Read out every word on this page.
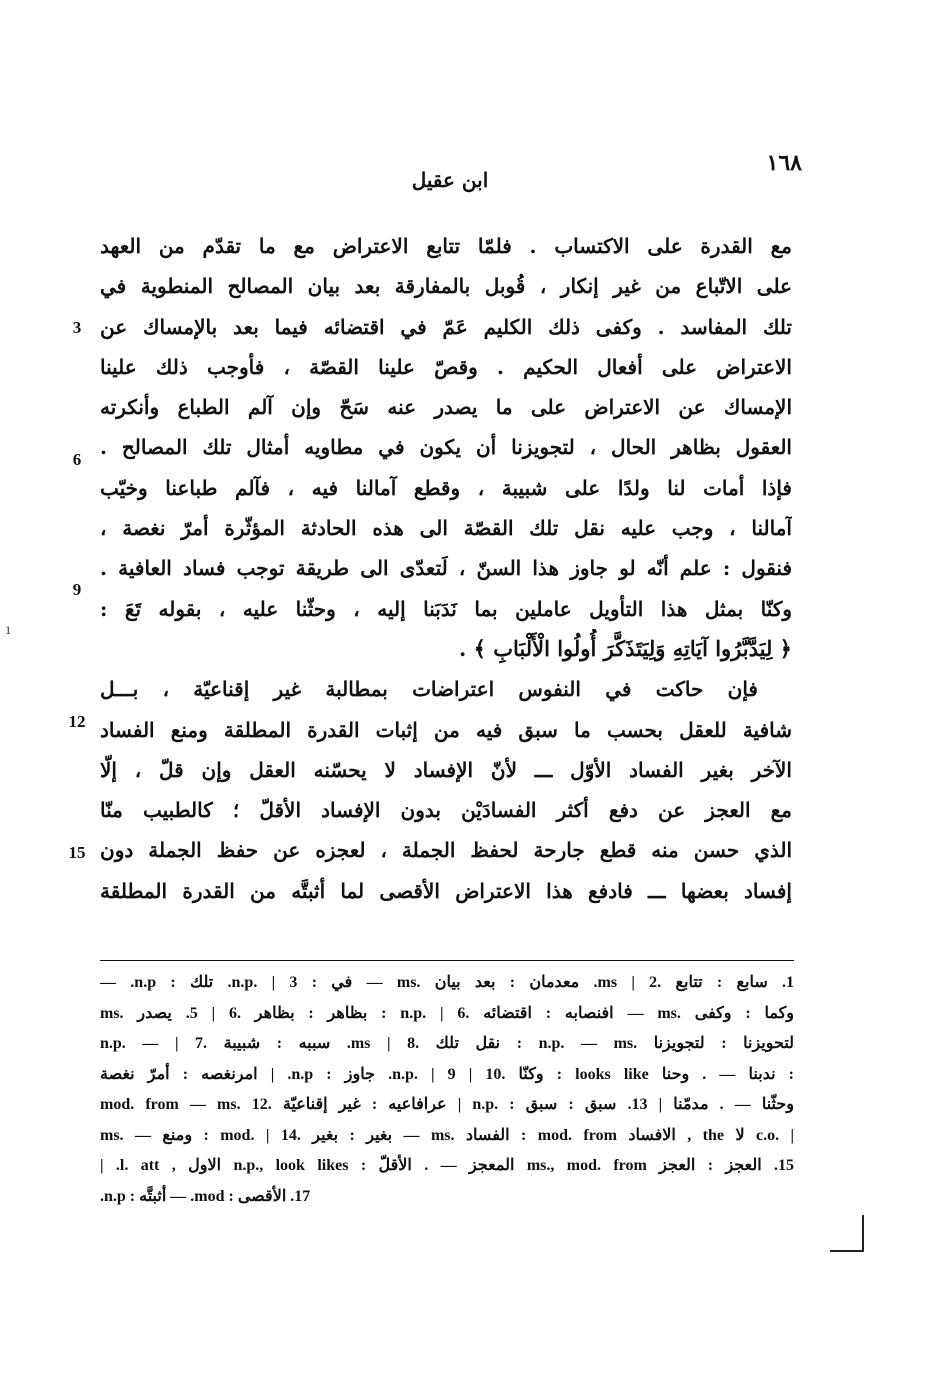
١٦٨
ابن عقيل
ı
مع القدرة على الاكتساب . فلمّا تتابع الاعتراض مع ما تقدّم من العهد
على الاتّباع من غير إنكار ، قُوبل بالمفارقة بعد بيان المصالح المنطوية في
تلك المفاسد . وكفى ذلك الكليم عَمّ في اقتضائه فيما بعد بالإمساك عن
الاعتراض على أفعال الحكيم . وقصّ علينا القصّة ، فأوجب ذلك علينا
الإمساك عن الاعتراض على ما يصدر عنه سَحّ وإن آلم الطباع وأنكرته
العقول بظاهر الحال ، لتجويزنا أن يكون في مطاويه أمثال تلك المصالح .
فإذا أمات لنا ولدًا على شبيبة ، وقطع آمالنا فيه ، فآلم طباعنا وخيّب
آمالنا ، وجب عليه نقل تلك القصّة الى هذه الحادثة المؤثّرة أمرّ نغصة ،
فنقول : علم أنّه لو جاوز هذا السنّ ، لَتعدّى الى طريقة توجب فساد العافية .
وكنّا بمثل هذا التأويل عاملين بما نَدَبَنا إليه ، وحثّنا عليه ، بقوله تَعَ :
﴿ لِيَدَّبَّرُوا آيَاتِهِ وَلِيَتَذَكَّرَ أُولُوا الْأَلْبَابِ ﴾ .
فإن حاكت في النفوس اعتراضات بمطالبة غير إقناعيّة ، بـــل
شافية للعقل بحسب ما سبق فيه من إثبات القدرة المطلقة ومنع الفساد
الآخر بغير الفساد الأوّل ـــ لأنّ الإفساد لا يحسّنه العقل وإن قلّ ، إلّا
مع العجز عن دفع أكثر الفسادَيْن بدون الإفساد الأقلّ ؛ كالطبيب منّا
الذي حسن منه قطع جارحة لحفظ الجملة ، لعجزه عن حفظ الجملة دون
إفساد بعضها ـــ فادفع هذا الاعتراض الأقصى لما أثبتَّه من القدرة المطلقة
3
6
9
12
15
1. سابع : تتابع .ms | 2. معدمان : بعد بيان .ms — في : n.p. | 3. تلك : n.p. —
ms. بظاهر : بظاهر .6 | 5. يصدر : n.p. | 6. افنصابه : اقتضائه — ms. وكما : وكفى
n.p. — | 7. سببه : شبيبة .ms | 8. نقل تلك : n.p. — ms. لتحويزنا : لتجويزنا
: ندبنا — . وحنا looks like : وكنّا .10 | n.p. | 9. جاوز : n.p. | امرنغصه : أمرّ نغصة
mod. from — ms. عرافاعيه : غير إقناعيّة .12 | n.p. : وحثّنا — . مدمّنا | 13. سبق : سبق
ms. — ومنع : mod. | 14. بغير : بغير — ms. الفساد : mod. from الافساد , the لا c.o. |
15. العجز : العجز ms., mod. from المعجز — . الأقلّ : n.p., look likes الاول , l. att. |
17. الأقصى : mod. — أثبتَّه : n.p.
